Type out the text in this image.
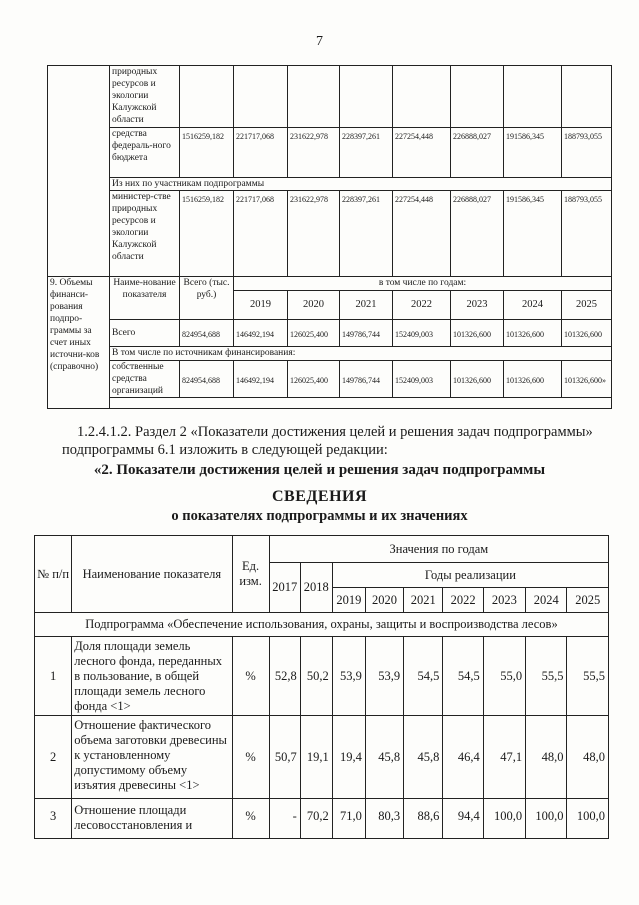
7
	природных ресурсов и экологии Калужской области								
	средства федераль-ного бюджета	1516259,182	221717,068	231622,978	228397,261	227254,448	226888,027	191586,345	188793,055
	Из них по участникам подпрограммы								
	министер-стве природных ресурсов и экологии Калужской области	1516259,182	221717,068	231622,978	228397,261	227254,448	226888,027	191586,345	188793,055
9. Объемы финанси-рования подпро-граммы за счет иных источни-ков (справочно)	Наиме-нование показателя	Всего (тыс. руб.)	в том числе по годам:						
			2019	2020	2021	2022	2023	2024	2025
	Всего	824954,688	146492,194	126025,400	149786,744	152409,003	101326,600	101326,600	101326,600
	В том числе по источникам финансирования:								
	собственные средства организаций	824954,688	146492,194	126025,400	149786,744	152409,003	101326,600	101326,600	101326,600»

1.2.4.1.2. Раздел 2 «Показатели достижения целей и решения задач подпрограммы»
подпрограммы 6.1 изложить в следующей редакции:
«2. Показатели достижения целей и решения задач подпрограммы
СВЕДЕНИЯ
о показателях подпрограммы и их значениях
№ п/п	Наименование показателя	Ед. изм.	Значения по годам								
			2017	2018	Годы реализации						
					2019	2020	2021	2022	2023	2024	2025
Подпрограмма «Обеспечение использования, охраны, защиты и воспроизводства лесов»											
1	Доля площади земель лесного фонда, переданных в пользование, в общей площади земель лесного фонда <1>	%	52,8	50,2	53,9	53,9	54,5	54,5	55,0	55,5	55,5
2	Отношение фактического объема заготовки древесины к установленному допустимому объему изъятия древесины <1>	%	50,7	19,1	19,4	45,8	45,8	46,4	47,1	48,0	48,0
3	Отношение площади лесовосстановления и	%	-	70,2	71,0	80,3	88,6	94,4	100,0	100,0	100,0
